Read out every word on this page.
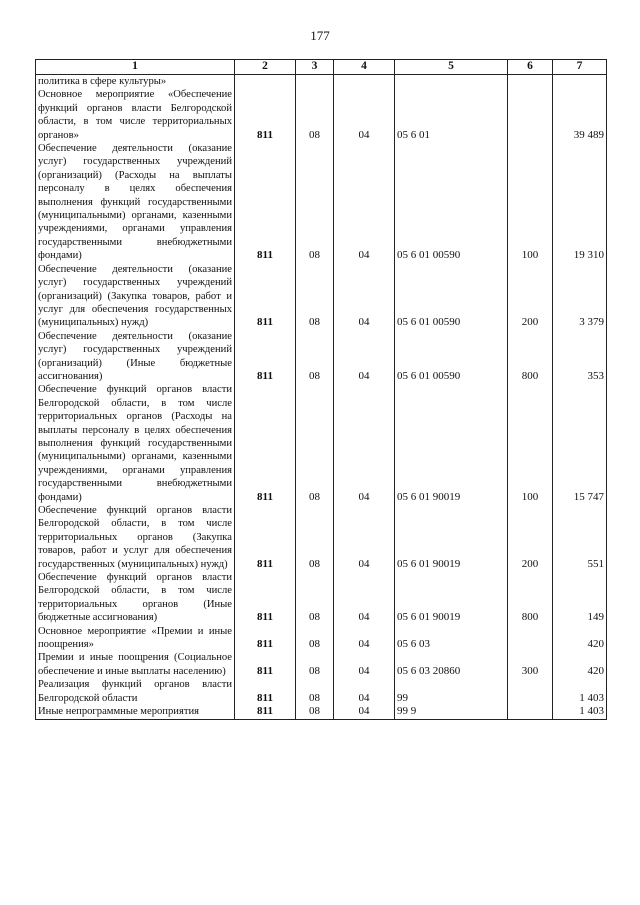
177
1	2	3	4	5	6	7
политика в сфере культуры»						
Основное мероприятие «Обеспечение функций органов власти Белгородской области, в том числе территориальных органов»	811	08	04	05 6 01		39 489
Обеспечение деятельности (оказание услуг) государственных учреждений (организаций) (Расходы на выплаты персоналу в целях обеспечения выполнения функций государственными (муниципальными) органами, казенными учреждениями, органами управления государственными внебюджетными фондами)	811	08	04	05 6 01 00590	100	19 310
Обеспечение деятельности (оказание услуг) государственных учреждений (организаций) (Закупка товаров, работ и услуг для обеспечения государственных (муниципальных) нужд)	811	08	04	05 6 01 00590	200	3 379
Обеспечение деятельности (оказание услуг) государственных учреждений (организаций) (Иные бюджетные ассигнования)	811	08	04	05 6 01 00590	800	353
Обеспечение функций органов власти Белгородской области, в том числе территориальных органов (Расходы на выплаты персоналу в целях обеспечения выполнения функций государственными (муниципальными) органами, казенными учреждениями, органами управления государственными внебюджетными фондами)	811	08	04	05 6 01 90019	100	15 747
Обеспечение функций органов власти Белгородской области, в том числе территориальных органов (Закупка товаров, работ и услуг для обеспечения государственных (муниципальных) нужд)	811	08	04	05 6 01 90019	200	551
Обеспечение функций органов власти Белгородской области, в том числе территориальных органов (Иные бюджетные ассигнования)	811	08	04	05 6 01 90019	800	149
Основное мероприятие «Премии и иные поощрения»	811	08	04	05 6 03		420
Премии и иные поощрения (Социальное обеспечение и иные выплаты населению)	811	08	04	05 6 03 20860	300	420
Реализация функций органов власти Белгородской области	811	08	04	99		1 403
Иные непрограммные мероприятия	811	08	04	99 9		1 403
